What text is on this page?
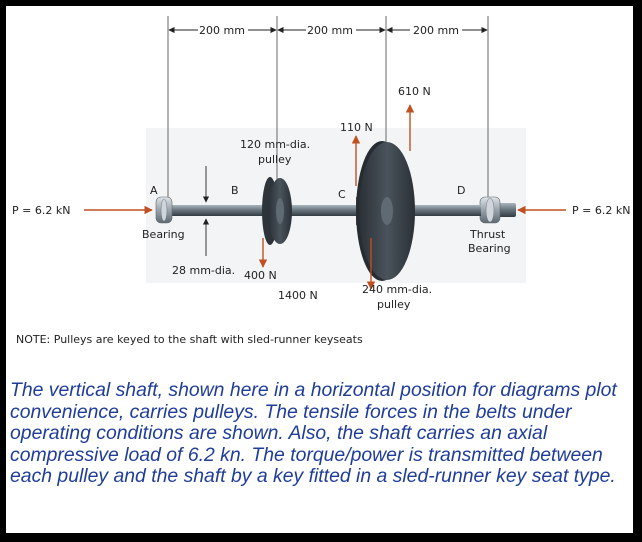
200 mm	200 mm	200 mm
610 N
110 N
400 N
1400 N
120 mm-dia.
pulley
240 mm-dia.
pulley
A	B	C	D
P = 6.2 kN	P = 6.2 kN
Bearing	Thrust
Bearing
28 mm-dia.
NOTE: Pulleys are keyed to the shaft with sled-runner keyseats

The vertical shaft, shown here in a horizontal position for diagrams plot convenience, carries pulleys. The tensile forces in the belts under operating conditions are shown. Also, the shaft carries an axial compressive load of 6.2 kn. The torque/power is transmitted between each pulley and the shaft by a key fitted in a sled-runner key seat type.
